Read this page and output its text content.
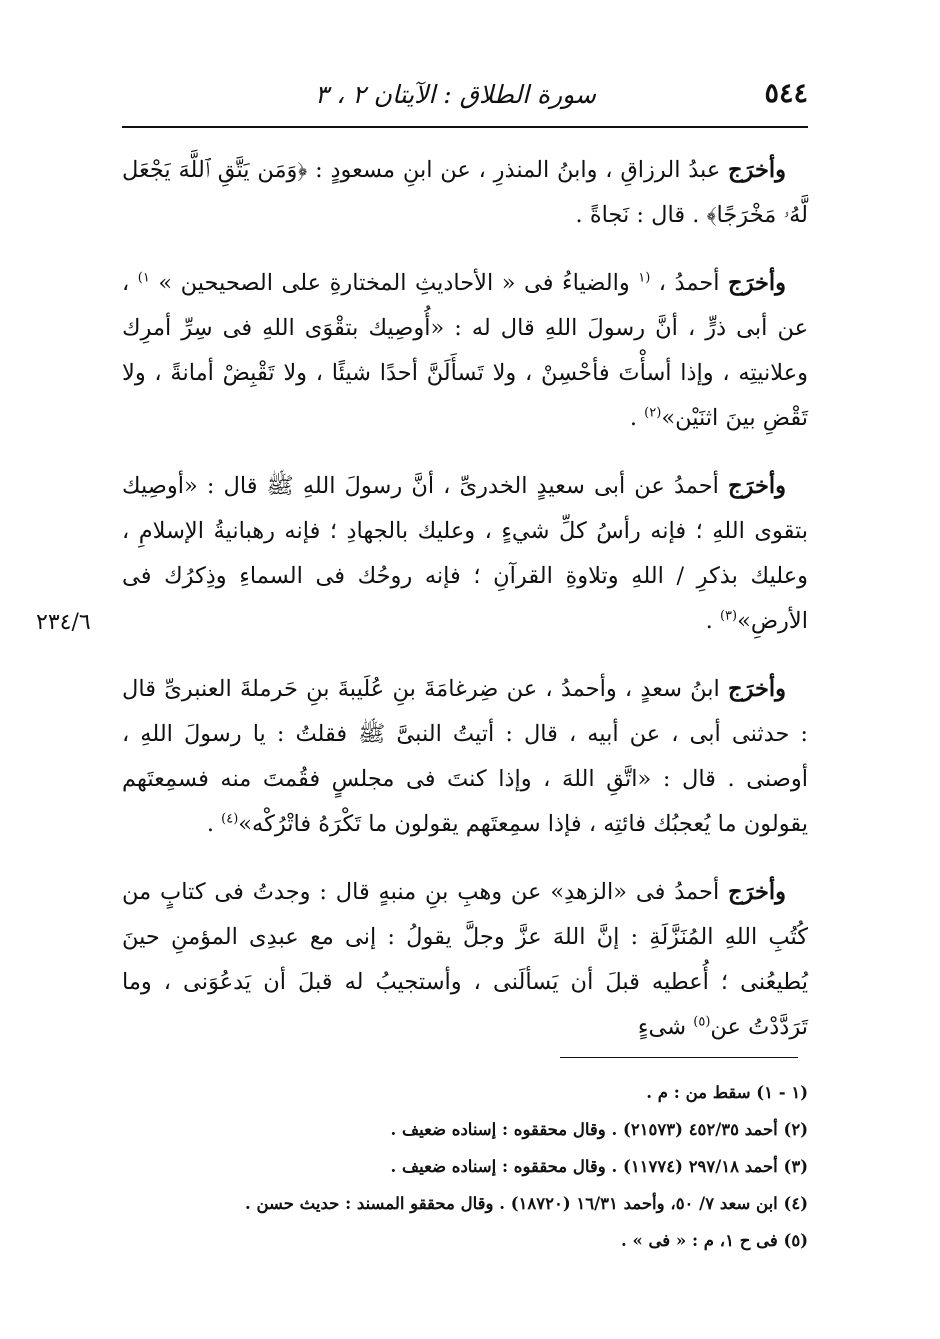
٥٤٤
سورة الطلاق : الآيتان ٢ ، ٣

وأخرَج عبدُ الرزاقِ ، وابنُ المنذرِ ، عن ابنِ مسعودٍ : ﴿وَمَن يَتَّقِ ٱللَّهَ يَجْعَل لَّهُۥ مَخْرَجًا﴾ . قال : نَجاةً .

وأخرَج أحمدُ ، $^{(١}$ والضياءُ فى « الأحاديثِ المختارةِ على الصحيحين » $^{١)}$ ، عن أبى ذرٍّ ، أنَّ رسولَ اللهِ قال له : «أُوصِيك بتقْوَى اللهِ فى سِرِّ أمرِك وعلانيتِه ، وإذا أسأْتَ فأحْسِنْ ، ولا تَسأَلَنَّ أحدًا شيئًا ، ولا تَقْبِضْ أمانةً ، ولا تَقْضِ بينَ اثنَيْن»$^{(٢)}$ .

وأخرَج أحمدُ عن أبى سعيدٍ الخدرىِّ ، أنَّ رسولَ اللهِ ﷺ قال : «أوصِيك بتقوى اللهِ ؛ فإنه رأسُ كلِّ شيءٍ ، وعليك بالجهادِ ؛ فإنه رهبانيةُ الإسلامِ ، وعليك بذكرِ / اللهِ وتلاوةِ القرآنِ ؛ فإنه روحُك فى السماءِ وذِكرُك فى الأرضِ»$^{(٣)}$ .

وأخرَج ابنُ سعدٍ ، وأحمدُ ، عن ضِرغامَةَ بنِ عُلَيبةَ بنِ حَرملةَ العنبرىِّ قال : حدثنى أبى ، عن أبيه ، قال : أتيتُ النبىَّ ﷺ فقلتُ : يا رسولَ اللهِ ، أوصنى . قال : «اتَّقِ اللهَ ، وإذا كنتَ فى مجلسٍ فقُمتَ منه فسمِعتَهم يقولون ما يُعجبُك فائتِه ، فإذا سمِعتَهم يقولون ما تَكْرَهُ فاتْرُكْه»$^{(٤)}$ .

وأخرَج أحمدُ فى «الزهدِ» عن وهبِ بنِ منبهٍ قال : وجدتُ فى كتابٍ من كُتُبِ اللهِ المُنَزَّلَةِ : إنَّ اللهَ عزَّ وجلَّ يقولُ : إنى مع عبدِى المؤمنِ حينَ يُطيعُنى ؛ أُعطيه قبلَ أن يَسألَنى ، وأستجيبُ له قبلَ أن يَدعُوَنى ، وما تَرَدَّدْتُ عن$^{(٥)}$ شىءٍ

٢٣٤/٦

(١ - ١) سقط من : م .

(٢) أحمد ٤٥٢/٣٥ (٢١٥٧٣) . وقال محققوه : إسناده ضعيف .

(٣) أحمد ٢٩٧/١٨ (١١٧٧٤) . وقال محققوه : إسناده ضعيف .

(٤) ابن سعد ٧/ ٥٠، وأحمد ١٦/٣١ (١٨٧٢٠) . وقال محققو المسند : حديث حسن .

(٥) فى ح ١، م : « فى » .
